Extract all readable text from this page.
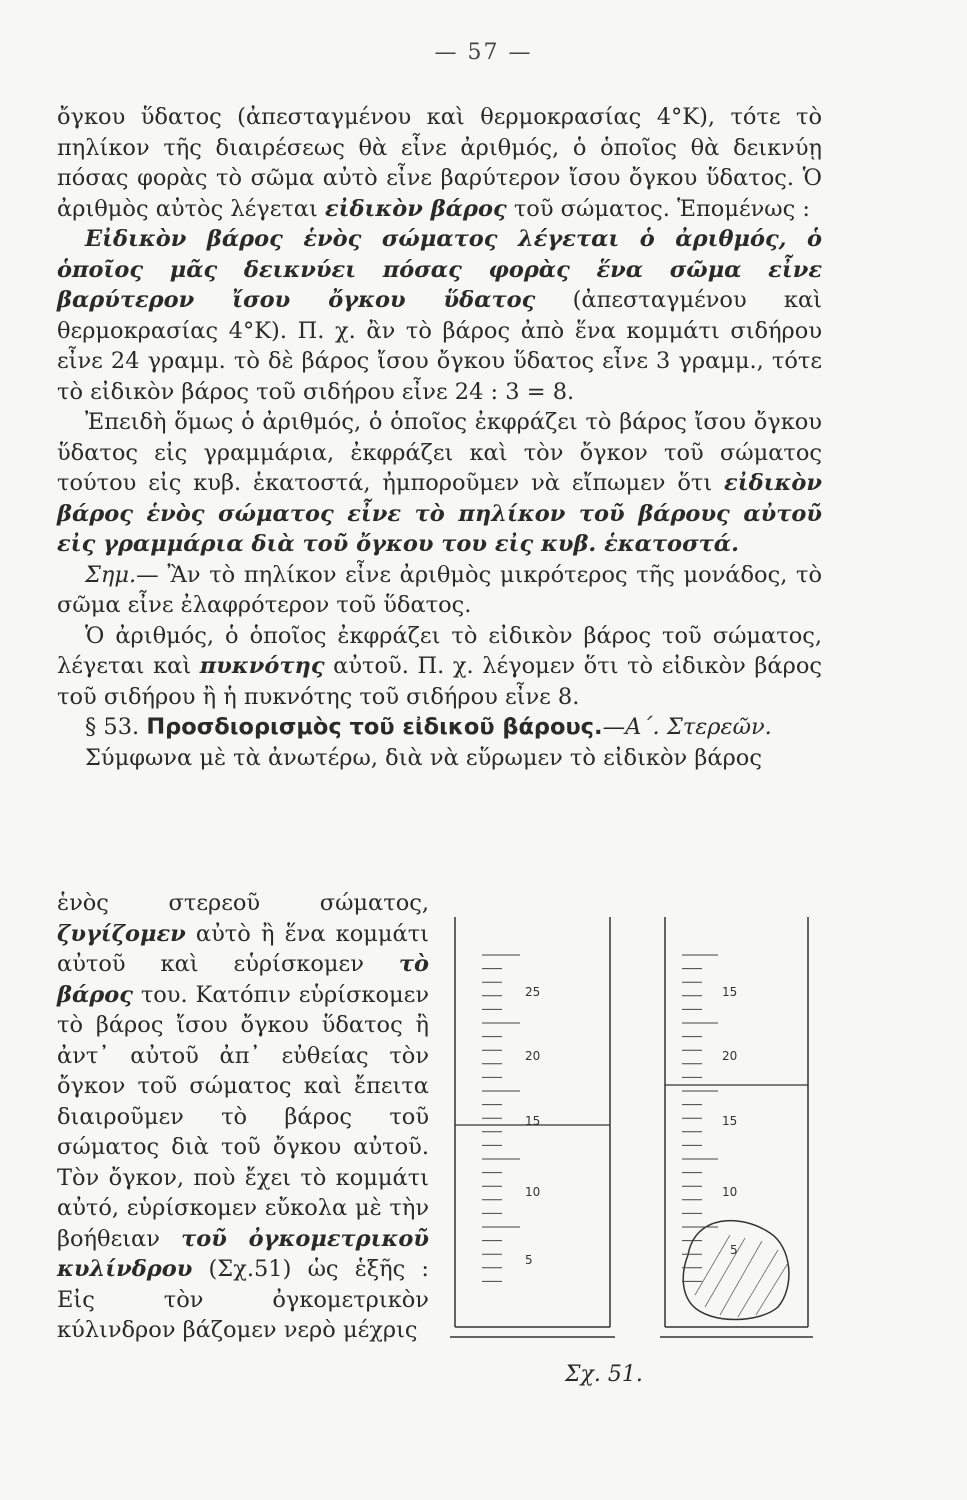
— 57 —

ὄγκου ὕδατος (ἀπεσταγμένου καὶ θερμοκρασίας 4°Κ), τότε τὸ πηλίκον τῆς διαιρέσεως θὰ εἶνε ἀριθμός, ὁ ὁποῖος θὰ δεικνύῃ πόσας φορὰς τὸ σῶμα αὐτὸ εἶνε βαρύτερον ἴσου ὄγκου ὕδατος. Ὁ ἀριθμὸς αὐτὸς λέγεται εἰδικὸν βάρος τοῦ σώματος. Ἑπομένως :

Εἰδικὸν βάρος ἑνὸς σώματος λέγεται ὁ ἀριθμός, ὁ ὁποῖος μᾶς δεικνύει πόσας φορὰς ἕνα σῶμα εἶνε βαρύτερον ἴσου ὄγκου ὕδατος (ἀπεσταγμένου καὶ θερμοκρασίας 4°Κ). Π. χ. ἂν τὸ βάρος ἀπὸ ἕνα κομμάτι σιδήρου εἶνε 24 γραμμ. τὸ δὲ βάρος ἴσου ὄγκου ὕδατος εἶνε 3 γραμμ., τότε τὸ εἰδικὸν βάρος τοῦ σιδήρου εἶνε 24 : 3 = 8.

Ἐπειδὴ ὅμως ὁ ἀριθμός, ὁ ὁποῖος ἐκφράζει τὸ βάρος ἴσου ὄγκου ὕδατος εἰς γραμμάρια, ἐκφράζει καὶ τὸν ὄγκον τοῦ σώματος τούτου εἰς κυβ. ἑκατοστά, ἠμποροῦμεν νὰ εἴπωμεν ὅτι εἰδικὸν βάρος ἑνὸς σώματος εἶνε τὸ πηλίκον τοῦ βάρους αὐτοῦ εἰς γραμμάρια διὰ τοῦ ὄγκου του εἰς κυβ. ἑκατοστά.

Σημ.— Ἂν τὸ πηλίκον εἶνε ἀριθμὸς μικρότερος τῆς μονάδος, τὸ σῶμα εἶνε ἐλαφρότερον τοῦ ὕδατος.

Ὁ ἀριθμός, ὁ ὁποῖος ἐκφράζει τὸ εἰδικὸν βάρος τοῦ σώματος, λέγεται καὶ πυκνότης αὐτοῦ. Π. χ. λέγομεν ὅτι τὸ εἰδικὸν βάρος τοῦ σιδήρου ἢ ἡ πυκνότης τοῦ σιδήρου εἶνε 8.

§ 53. Προσδιορισμὸς τοῦ εἰδικοῦ βάρους.—Α΄. Στερεῶν.

Σύμφωνα μὲ τὰ ἀνωτέρω, διὰ νὰ εὕρωμεν τὸ εἰδικὸν βάρος

ἑνὸς στερεοῦ σώματος, ζυγίζομεν αὐτὸ ἢ ἕνα κομμάτι αὐτοῦ καὶ εὑρίσκομεν τὸ βάρος του. Κατόπιν εὑρίσκομεν τὸ βάρος ἴσου ὄγκου ὕδατος ἢ ἀντ᾽ αὐτοῦ ἀπ᾽ εὐθείας τὸν ὄγκον τοῦ σώματος καὶ ἔπειτα διαιροῦμεν τὸ βάρος τοῦ σώματος διὰ τοῦ ὄγκου αὐτοῦ. Τὸν ὄγκον, ποὺ ἔχει τὸ κομμάτι αὐτό, εὑρίσκομεν εὔκολα μὲ τὴν βοήθειαν τοῦ ὀγκομετρικοῦ κυλίνδρου (Σχ.51) ὡς ἑξῆς : Εἰς τὸν ὀγκομετρικὸν κύλινδρον βάζομεν νερὸ μέχρις

25
20
15
10
5
15
20
15
10
5
Σχ. 51.
